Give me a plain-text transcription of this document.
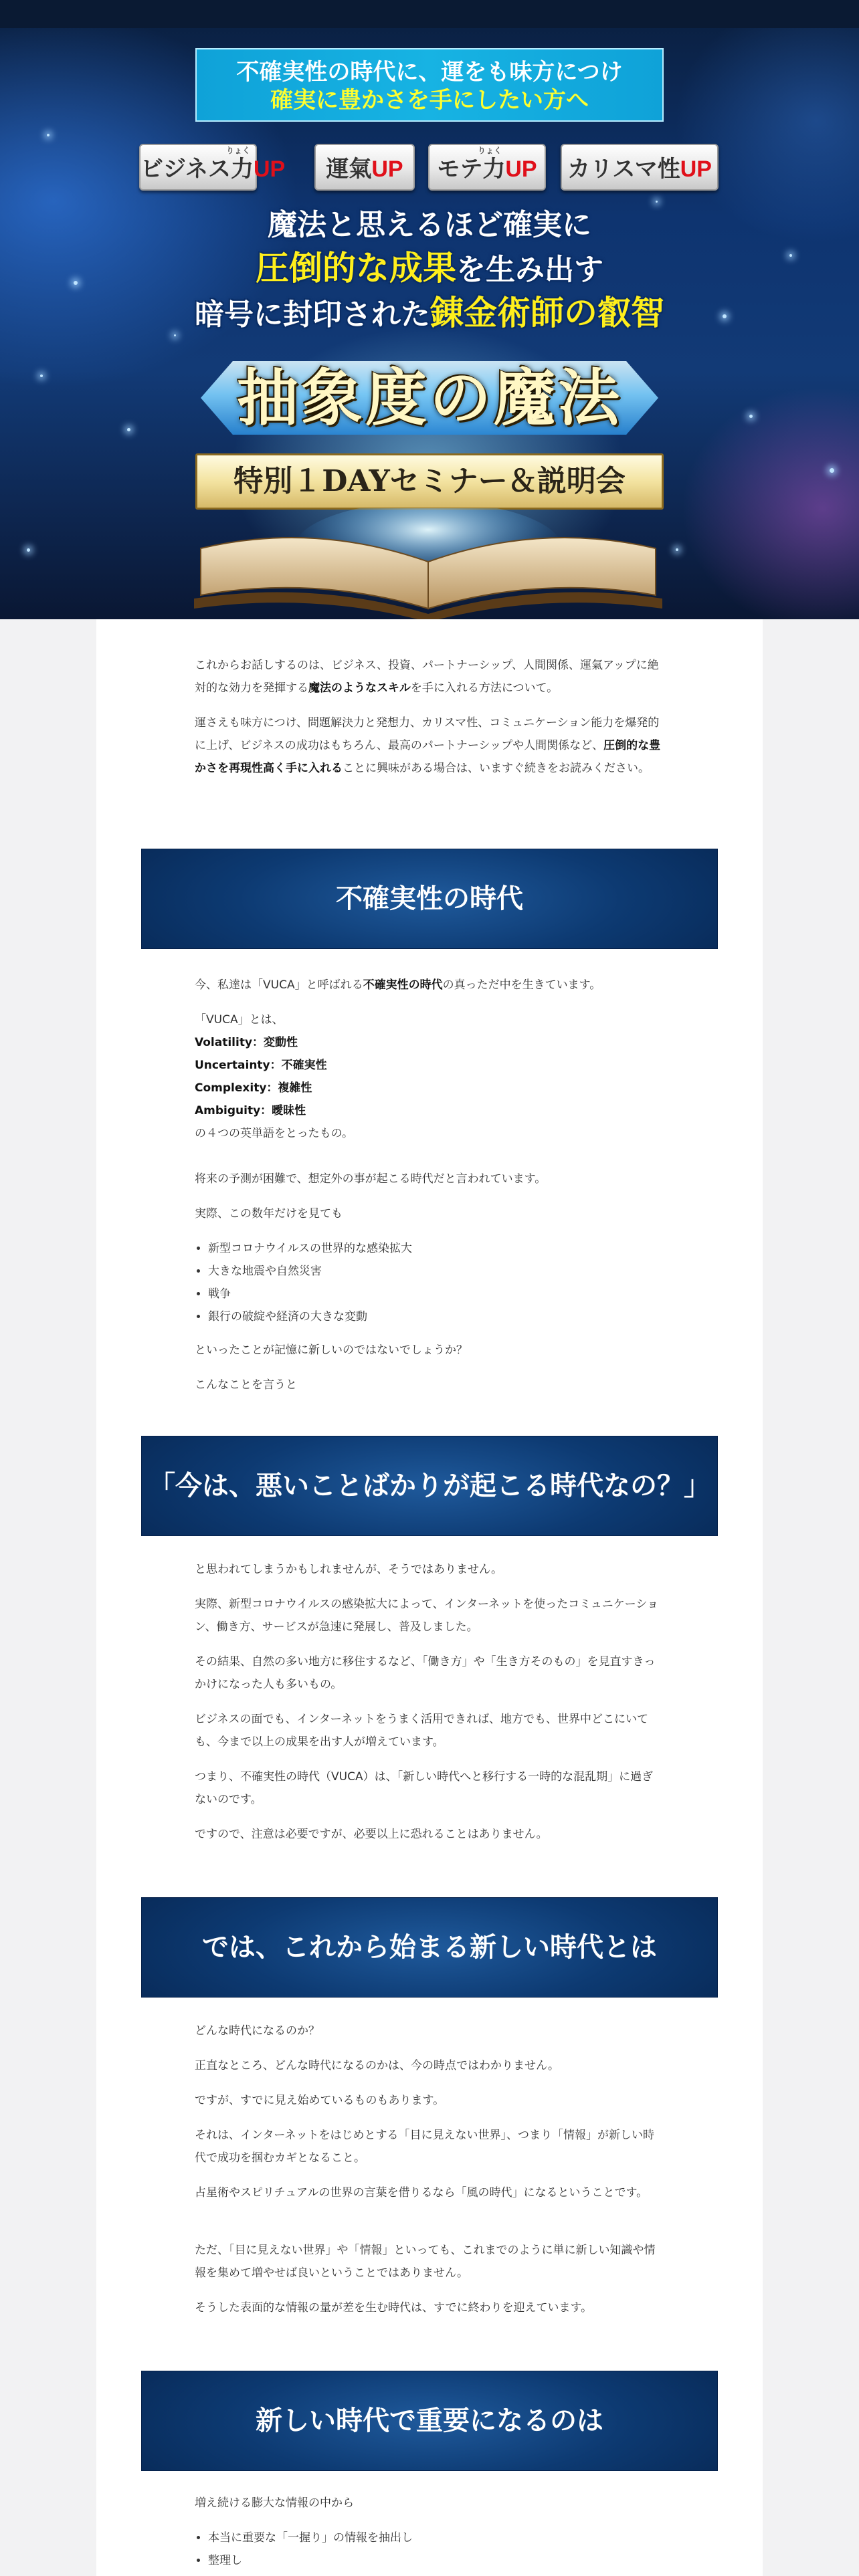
不確実性の時代に、運をも味方につけ
確実に豊かさを手にしたい方へ
ビジネス力UP
りょく
運氣UP	モテ力UP
りょく
カリスマ性UP
魔法と思えるほど確実に
圧倒的な成果を生み出す
暗号に封印された錬金術師の叡智
抽象度の魔法
特別１DAYセミナー＆説明会
これからお話しするのは、ビジネス、投資、パートナーシップ、人間関係、運氣アップに絶対的な効力を発揮する魔法のようなスキルを手に入れる方法について。
運さえも味方につけ、問題解決力と発想力、カリスマ性、コミュニケーション能力を爆発的に上げ、ビジネスの成功はもちろん、最高のパートナーシップや人間関係など、圧倒的な豊かさを再現性高く手に入れることに興味がある場合は、いますぐ続きをお読みください。
不確実性の時代
今、私達は「VUCA」と呼ばれる不確実性の時代の真っただ中を生きています。
「VUCA」とは、
Volatility：変動性
Uncertainty：不確実性
Complexity：複雑性
Ambiguity：曖昧性
の４つの英単語をとったもの。
将来の予測が困難で、想定外の事が起こる時代だと言われています。
実際、この数年だけを見ても
• 新型コロナウイルスの世界的な感染拡大
• 大きな地震や自然災害
• 戦争
• 銀行の破綻や経済の大きな変動
といったことが記憶に新しいのではないでしょうか？
こんなことを言うと
「今は、悪いことばかりが起こる時代なの？」
と思われてしまうかもしれませんが、そうではありません。
実際、新型コロナウイルスの感染拡大によって、インターネットを使ったコミュニケーション、働き方、サービスが急速に発展し、普及しました。
その結果、自然の多い地方に移住するなど、「働き方」や「生き方そのもの」を見直すきっかけになった人も多いもの。
ビジネスの面でも、インターネットをうまく活用できれば、地方でも、世界中どこにいても、今まで以上の成果を出す人が増えています。
つまり、不確実性の時代（VUCA）は、「新しい時代へと移行する一時的な混乱期」に過ぎないのです。
ですので、注意は必要ですが、必要以上に恐れることはありません。
では、これから始まる新しい時代とは
どんな時代になるのか？
正直なところ、どんな時代になるのかは、今の時点ではわかりません。
ですが、すでに見え始めているものもあります。
それは、インターネットをはじめとする「目に見えない世界」、つまり「情報」が新しい時代で成功を掴むカギとなること。
占星術やスピリチュアルの世界の言葉を借りるなら「風の時代」になるということです。
ただ、「目に見えない世界」や「情報」といっても、これまでのように単に新しい知識や情報を集めて増やせば良いということではありません。
そうした表面的な情報の量が差を生む時代は、すでに終わりを迎えています。
新しい時代で重要になるのは
増え続ける膨大な情報の中から
• 本当に重要な「一握り」の情報を抽出し
• 整理し
